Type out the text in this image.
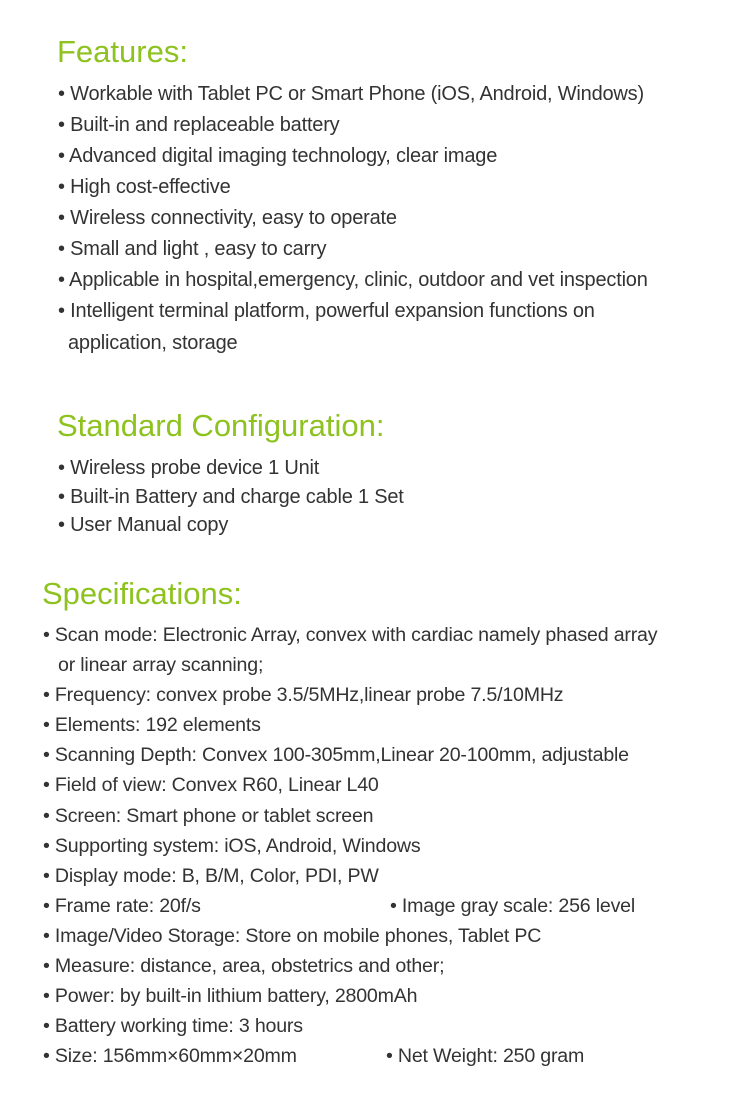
Features:
• Workable with Tablet PC or Smart Phone (iOS, Android, Windows)
• Built-in and replaceable battery
• Advanced digital imaging technology, clear image
• High cost-effective
• Wireless connectivity, easy to operate
• Small and light , easy to carry
• Applicable in hospital,emergency, clinic, outdoor and vet inspection
• Intelligent terminal platform, powerful expansion functions on
application, storage
Standard Configuration:
• Wireless probe device 1 Unit
• Built-in Battery and charge cable 1 Set
• User Manual copy
Specifications:
• Scan mode: Electronic Array, convex with cardiac namely phased array
or linear array scanning;
• Frequency: convex probe 3.5/5MHz,linear probe 7.5/10MHz
• Elements: 192 elements
• Scanning Depth: Convex 100-305mm,Linear 20-100mm, adjustable
• Field of view: Convex R60, Linear L40
• Screen: Smart phone or tablet screen
• Supporting system: iOS, Android, Windows
• Display mode: B, B/M, Color, PDI, PW
• Frame rate: 20f/s	• Image gray scale: 256 level
• Image/Video Storage: Store on mobile phones, Tablet PC
• Measure: distance, area, obstetrics and other;
• Power: by built-in lithium battery, 2800mAh
• Battery working time: 3 hours
• Size: 156mm×60mm×20mm	• Net Weight: 250 gram
